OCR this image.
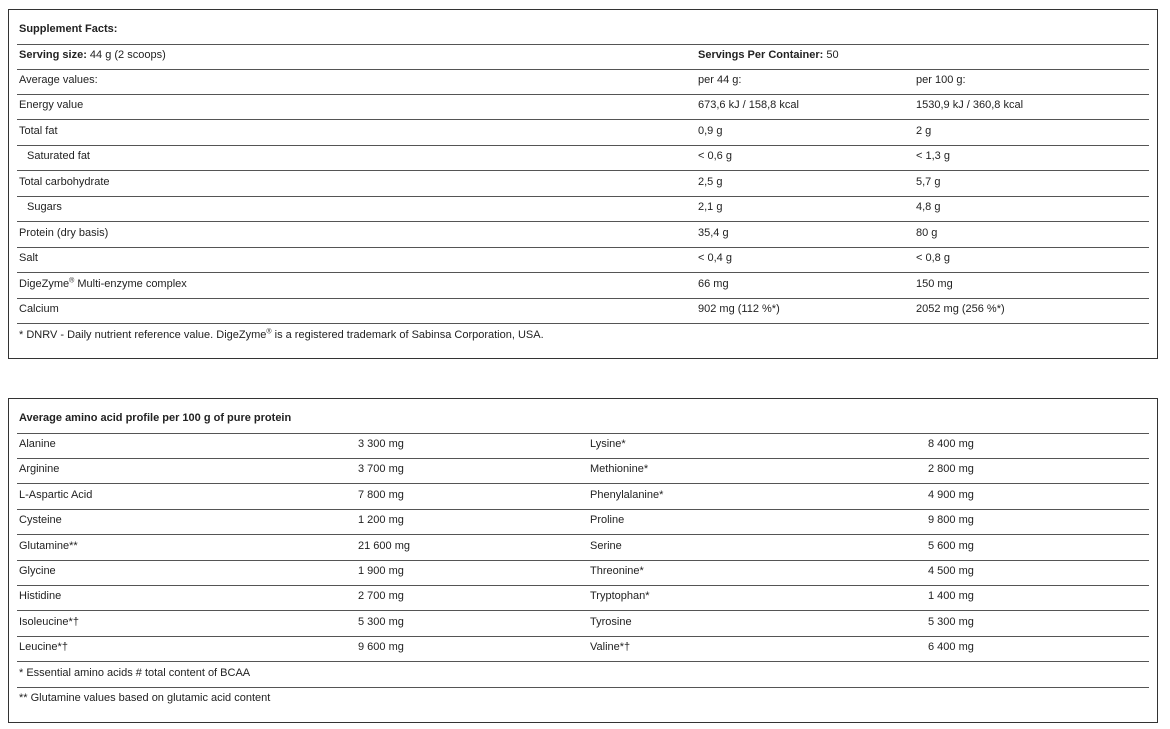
Supplement Facts:
Serving size: 44 g (2 scoops)	Servings Per Container: 50
Average values:	per 44 g:	per 100 g:
Energy value	673,6 kJ / 158,8 kcal	1530,9 kJ / 360,8 kcal
Total fat	0,9 g	2 g
Saturated fat	< 0,6 g	< 1,3 g
Total carbohydrate	2,5 g	5,7 g
Sugars	2,1 g	4,8 g
Protein (dry basis)	35,4 g	80 g
Salt	< 0,4 g	< 0,8 g
DigeZyme® Multi-enzyme complex	66 mg	150 mg
Calcium	902 mg (112 %*)	2052 mg (256 %*)
* DNRV - Daily nutrient reference value. DigeZyme® is a registered trademark of Sabinsa Corporation, USA.
Average amino acid profile per 100 g of pure protein
Alanine	3 300 mg	Lysine*	8 400 mg
Arginine	3 700 mg	Methionine*	2 800 mg
L-Aspartic Acid	7 800 mg	Phenylalanine*	4 900 mg
Cysteine	1 200 mg	Proline	9 800 mg
Glutamine**	21 600 mg	Serine	5 600 mg
Glycine	1 900 mg	Threonine*	4 500 mg
Histidine	2 700 mg	Tryptophan*	1 400 mg
Isoleucine*†	5 300 mg	Tyrosine	5 300 mg
Leucine*†	9 600 mg	Valine*†	6 400 mg
* Essential amino acids # total content of BCAA
** Glutamine values based on glutamic acid content
